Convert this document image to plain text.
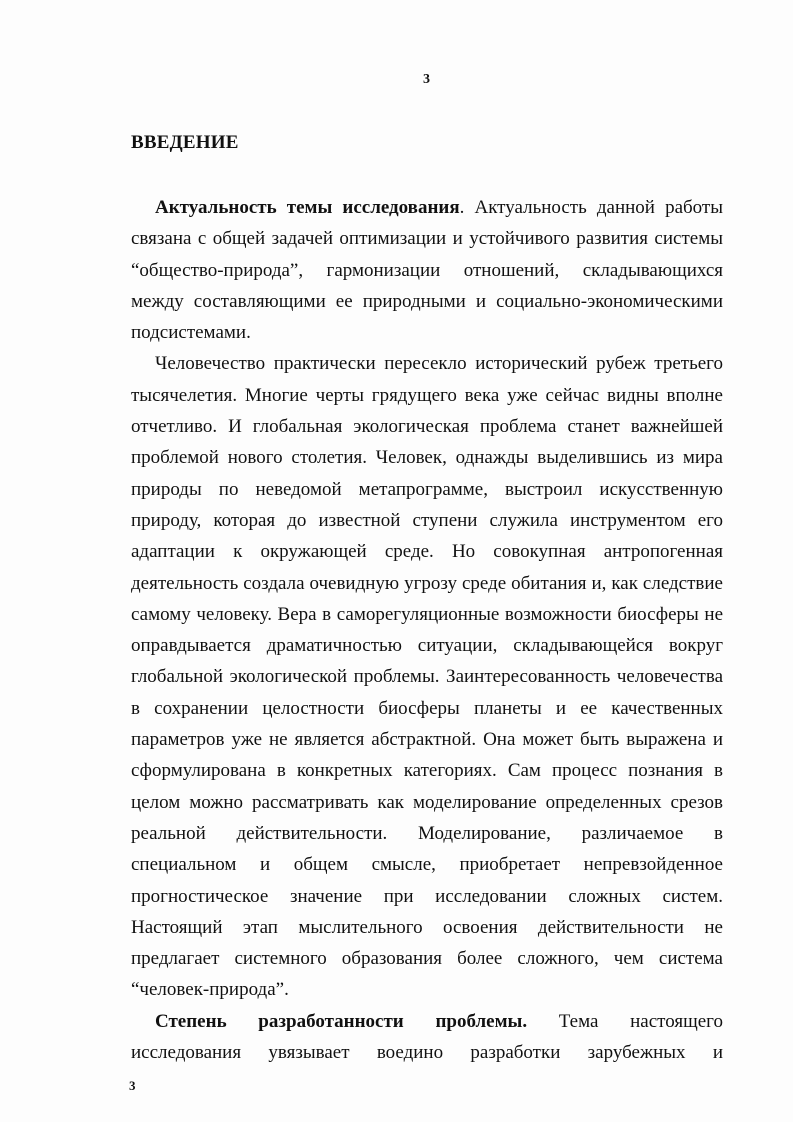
3
ВВЕДЕНИЕ

Актуальность темы исследования. Актуальность данной работы связана с общей задачей оптимизации и устойчивого развития системы “общество-природа”, гармонизации отношений, складывающихся между составляющими ее природными и социально-экономическими подсистемами.

Человечество практически пересекло исторический рубеж третьего тысячелетия. Многие черты грядущего века уже сейчас видны вполне отчетливо. И глобальная экологическая проблема станет важнейшей проблемой нового столетия. Человек, однажды выделившись из мира природы по неведомой метапрограмме, выстроил искусственную природу, которая до известной ступени служила инструментом его адаптации к окружающей среде. Но совокупная антропогенная деятельность создала очевидную угрозу среде обитания и, как следствие самому человеку. Вера в саморегуляционные возможности биосферы не оправдывается драматичностью ситуации, складывающейся вокруг глобальной экологической проблемы. Заинтересованность человечества в сохранении целостности биосферы планеты и ее качественных параметров уже не является абстрактной. Она может быть выражена и сформулирована в конкретных категориях. Сам процесс познания в целом можно рассматривать как моделирование определенных срезов реальной действительности. Моделирование, различаемое в специальном и общем смысле, приобретает непревзойденное прогностическое значение при исследовании сложных систем. Настоящий этап мыслительного освоения действительности не предлагает системного образования более сложного, чем система “человек-природа”.

Степень разработанности проблемы. Тема настоящего исследования увязывает воедино разработки зарубежных и

3
